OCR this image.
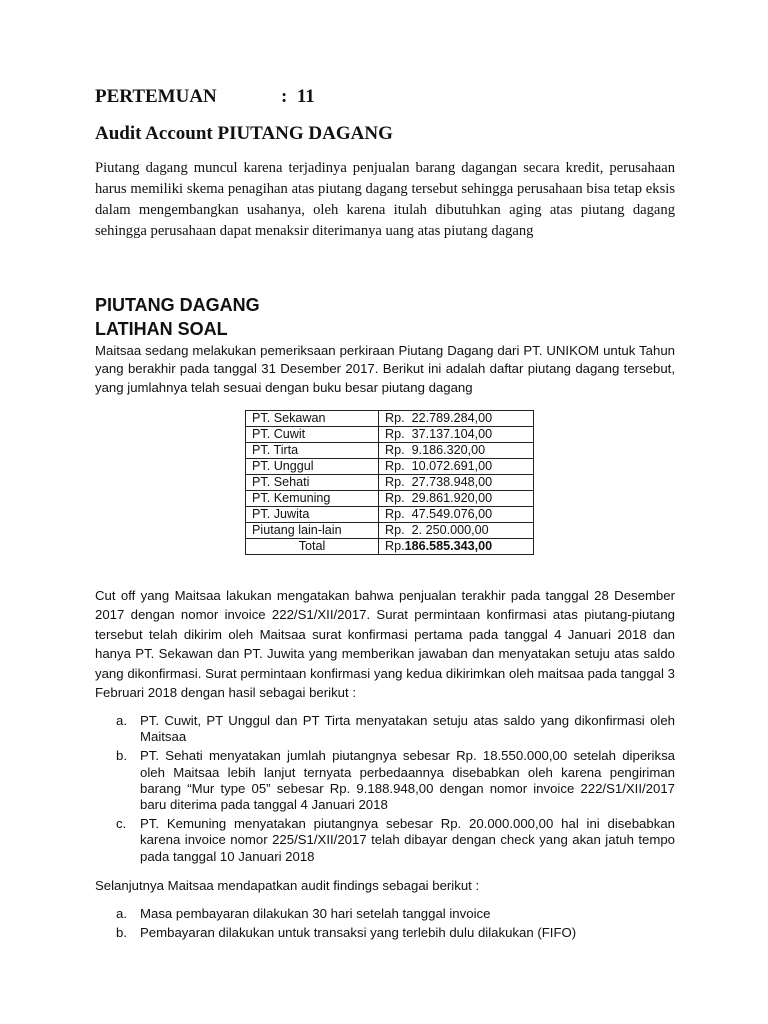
PERTEMUAN	: 11
Audit Account PIUTANG DAGANG

Piutang dagang muncul karena terjadinya penjualan barang dagangan secara kredit, perusahaan harus memiliki skema penagihan atas piutang dagang tersebut sehingga perusahaan bisa tetap eksis dalam mengembangkan usahanya, oleh karena itulah dibutuhkan aging atas piutang dagang sehingga perusahaan dapat menaksir diterimanya uang atas piutang dagang

PIUTANG DAGANG
LATIHAN SOAL

Maitsaa sedang melakukan pemeriksaan perkiraan Piutang Dagang dari PT. UNIKOM untuk Tahun yang berakhir pada tanggal 31 Desember 2017. Berikut ini adalah daftar piutang dagang tersebut, yang jumlahnya telah sesuai dengan buku besar piutang dagang

PT. Sekawan	Rp. 22.789.284,00
PT. Cuwit	Rp. 37.137.104,00
PT. Tirta	Rp. 9.186.320,00
PT. Unggul	Rp. 10.072.691,00
PT. Sehati	Rp. 27.738.948,00
PT. Kemuning	Rp. 29.861.920,00
PT. Juwita	Rp. 47.549.076,00
Piutang lain-lain	Rp. 2. 250.000,00
Total	Rp.186.585.343,00

Cut off yang Maitsaa lakukan mengatakan bahwa penjualan terakhir pada tanggal 28 Desember 2017 dengan nomor invoice 222/S1/XII/2017. Surat permintaan konfirmasi atas piutang-piutang tersebut telah dikirim oleh Maitsaa surat konfirmasi pertama pada tanggal 4 Januari 2018 dan hanya PT. Sekawan dan PT. Juwita yang memberikan jawaban dan menyatakan setuju atas saldo yang dikonfirmasi. Surat permintaan konfirmasi yang kedua dikirimkan oleh maitsaa pada tanggal 3 Februari 2018 dengan hasil sebagai berikut :

a. PT. Cuwit, PT Unggul dan PT Tirta menyatakan setuju atas saldo yang dikonfirmasi oleh Maitsaa
b. PT. Sehati menyatakan jumlah piutangnya sebesar Rp. 18.550.000,00 setelah diperiksa oleh Maitsaa lebih lanjut ternyata perbedaannya disebabkan oleh karena pengiriman barang “Mur type 05” sebesar Rp. 9.188.948,00 dengan nomor invoice 222/S1/XII/2017 baru diterima pada tanggal 4 Januari 2018
c. PT. Kemuning menyatakan piutangnya sebesar Rp. 20.000.000,00 hal ini disebabkan karena invoice nomor 225/S1/XII/2017 telah dibayar dengan check yang akan jatuh tempo pada tanggal 10 Januari 2018

Selanjutnya Maitsaa mendapatkan audit findings sebagai berikut :

a. Masa pembayaran dilakukan 30 hari setelah tanggal invoice
b. Pembayaran dilakukan untuk transaksi yang terlebih dulu dilakukan (FIFO)
